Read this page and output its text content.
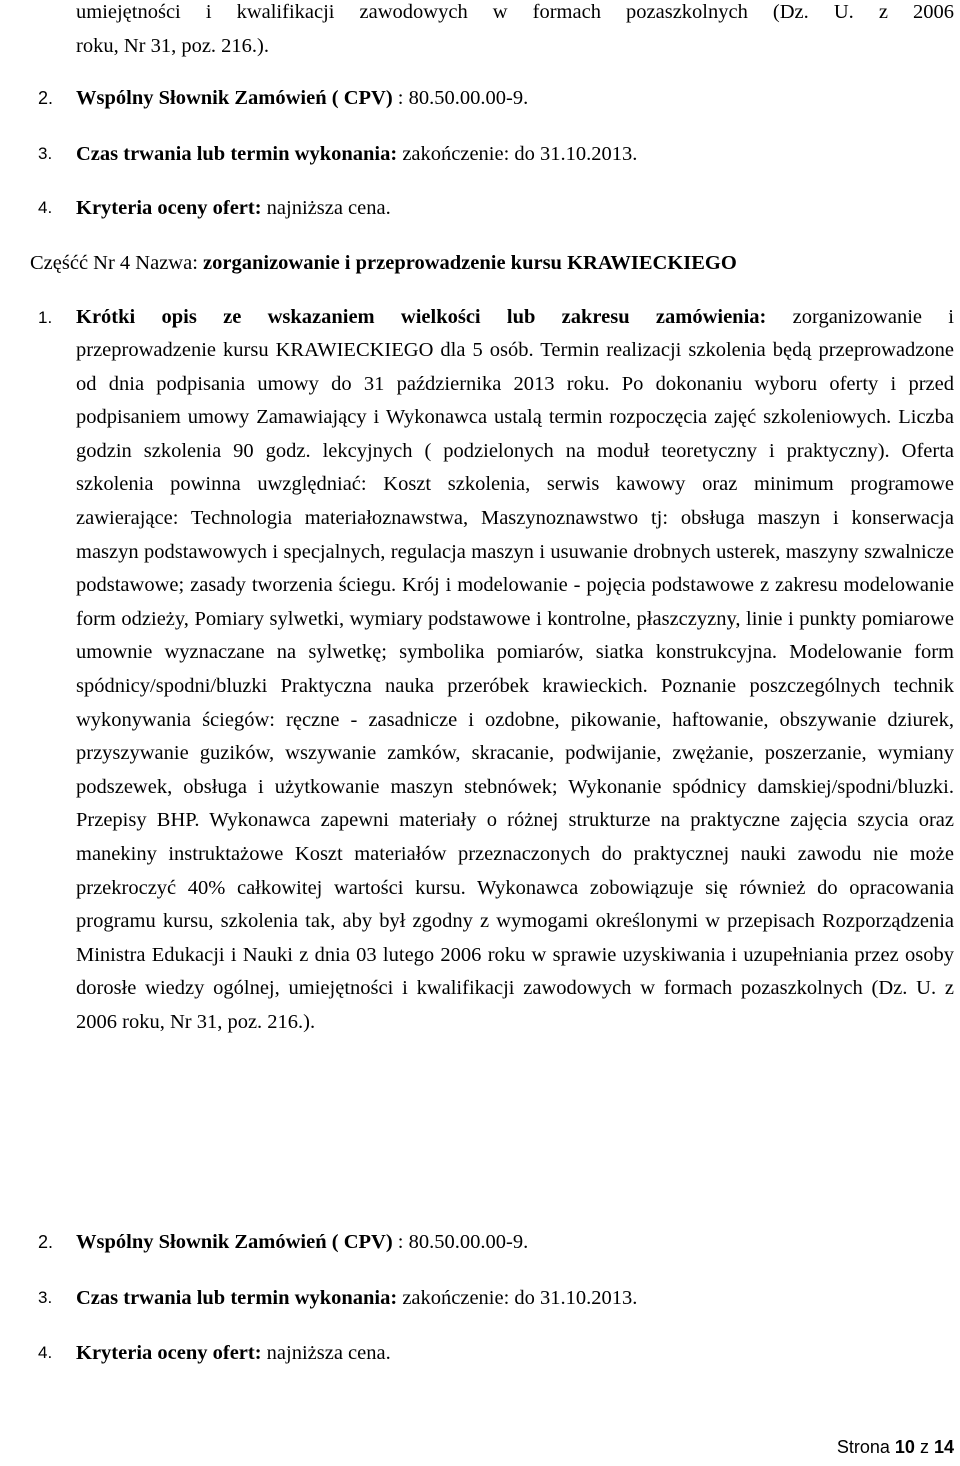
umiejętności i kwalifikacji zawodowych w formach pozaszkolnych (Dz. U. z 2006
roku, Nr 31, poz. 216.).
2. Wspólny Słownik Zamówień ( CPV) : 80.50.00.00-9.
3. Czas trwania lub termin wykonania: zakończenie: do 31.10.2013.
4. Kryteria oceny ofert: najniższa cena.
Częśćć Nr 4 Nazwa: zorganizowanie i przeprowadzenie kursu KRAWIECKIEGO
1. Krótki opis ze wskazaniem wielkości lub zakresu zamówienia: zorganizowanie i
przeprowadzenie kursu KRAWIECKIEGO dla 5 osób. Termin realizacji szkolenia będą przeprowadzone od dnia podpisania umowy do 31 października 2013 roku. Po dokonaniu wyboru oferty i przed podpisaniem umowy Zamawiający i Wykonawca ustalą termin rozpoczęcia zajęć szkoleniowych. Liczba godzin szkolenia 90 godz. lekcyjnych ( podzielonych na moduł teoretyczny i praktyczny). Oferta szkolenia powinna uwzględniać: Koszt szkolenia, serwis kawowy oraz minimum programowe zawierające: Technologia materiałoznawstwa, Maszynoznawstwo tj: obsługa maszyn i konserwacja maszyn podstawowych i specjalnych, regulacja maszyn i usuwanie drobnych usterek, maszyny szwalnicze podstawowe; zasady tworzenia ściegu. Krój i modelowanie - pojęcia podstawowe z zakresu modelowanie form odzieży, Pomiary sylwetki, wymiary podstawowe i kontrolne, płaszczyzny, linie i punkty pomiarowe umownie wyznaczane na sylwetkę; symbolika pomiarów, siatka konstrukcyjna. Modelowanie form spódnicy/spodni/bluzki Praktyczna nauka przeróbek krawieckich. Poznanie poszczególnych technik wykonywania ściegów: ręczne - zasadnicze i ozdobne, pikowanie, haftowanie, obszywanie dziurek, przyszywanie guzików, wszywanie zamków, skracanie, podwijanie, zwężanie, poszerzanie, wymiany podszewek, obsługa i użytkowanie maszyn stebnówek; Wykonanie spódnicy damskiej/spodni/bluzki. Przepisy BHP. Wykonawca zapewni materiały o różnej strukturze na praktyczne zajęcia szycia oraz manekiny instruktażowe Koszt materiałów przeznaczonych do praktycznej nauki zawodu nie może przekroczyć 40% całkowitej wartości kursu. Wykonawca zobowiązuje się również do opracowania programu kursu, szkolenia tak, aby był zgodny z wymogami określonymi w przepisach Rozporządzenia Ministra Edukacji i Nauki z dnia 03 lutego 2006 roku w sprawie uzyskiwania i uzupełniania przez osoby dorosłe wiedzy ogólnej, umiejętności i kwalifikacji zawodowych w formach pozaszkolnych (Dz. U. z 2006 roku, Nr 31, poz. 216.).
2. Wspólny Słownik Zamówień ( CPV) : 80.50.00.00-9.
3. Czas trwania lub termin wykonania: zakończenie: do 31.10.2013.
4. Kryteria oceny ofert: najniższa cena.
Strona 10 z 14
